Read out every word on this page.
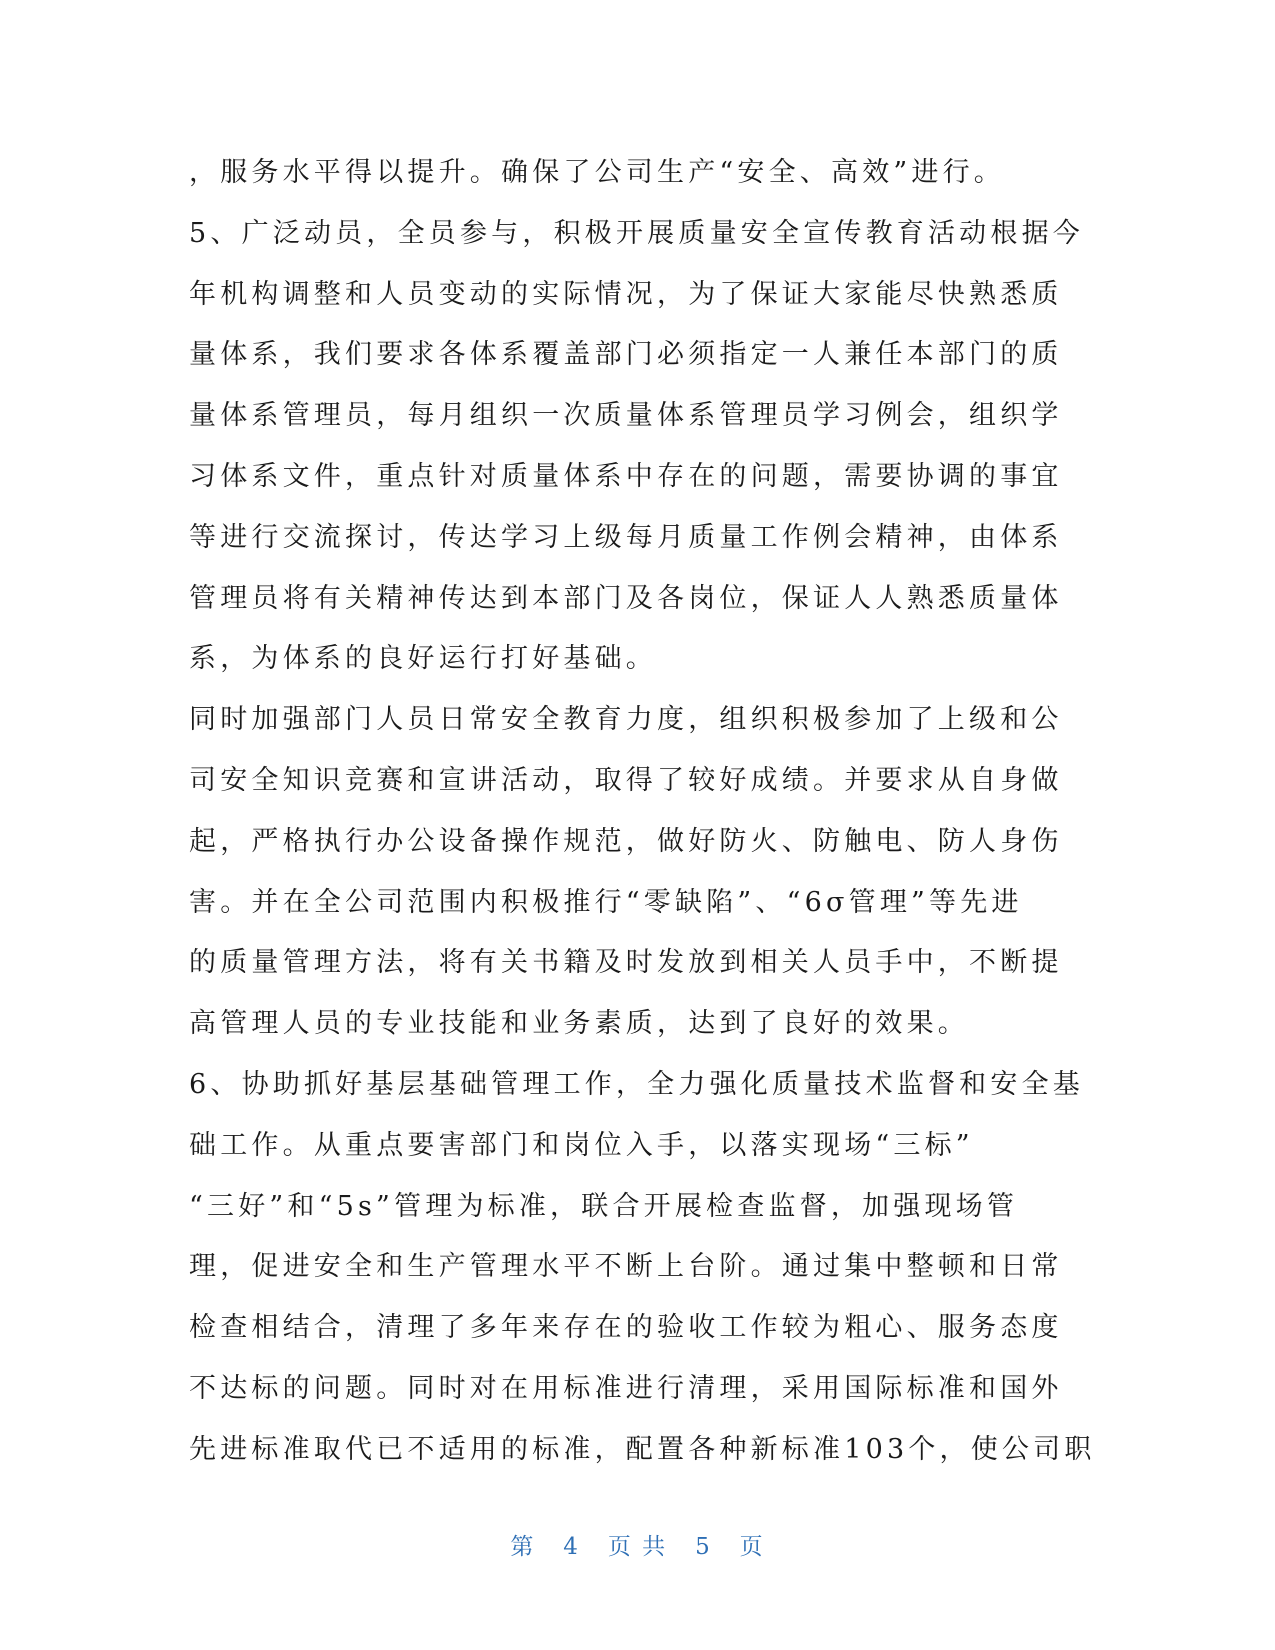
，服务水平得以提升。确保了公司生产“安全、高效”进行。
5、广泛动员，全员参与，积极开展质量安全宣传教育活动根据今
年机构调整和人员变动的实际情况，为了保证大家能尽快熟悉质
量体系，我们要求各体系覆盖部门必须指定一人兼任本部门的质
量体系管理员，每月组织一次质量体系管理员学习例会，组织学
习体系文件，重点针对质量体系中存在的问题，需要协调的事宜
等进行交流探讨，传达学习上级每月质量工作例会精神，由体系
管理员将有关精神传达到本部门及各岗位，保证人人熟悉质量体
系，为体系的良好运行打好基础。
同时加强部门人员日常安全教育力度，组织积极参加了上级和公
司安全知识竞赛和宣讲活动，取得了较好成绩。并要求从自身做
起，严格执行办公设备操作规范，做好防火、防触电、防人身伤
害。并在全公司范围内积极推行“零缺陷”、“6σ管理”等先进
的质量管理方法，将有关书籍及时发放到相关人员手中，不断提
高管理人员的专业技能和业务素质，达到了良好的效果。
6、协助抓好基层基础管理工作，全力强化质量技术监督和安全基
础工作。从重点要害部门和岗位入手，以落实现场“三标”
“三好”和“5s”管理为标准，联合开展检查监督，加强现场管
理，促进安全和生产管理水平不断上台阶。通过集中整顿和日常
检查相结合，清理了多年来存在的验收工作较为粗心、服务态度
不达标的问题。同时对在用标准进行清理，采用国际标准和国外
先进标准取代已不适用的标准，配置各种新标准103个，使公司职
第 4 页 共 5 页
